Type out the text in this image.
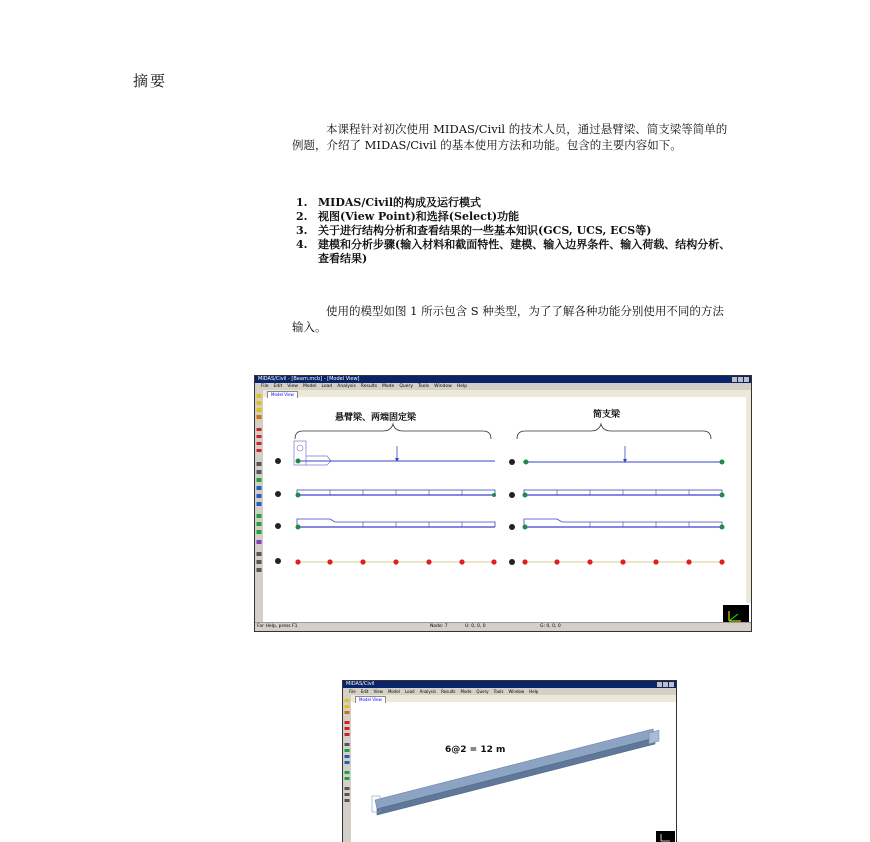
摘要
本课程针对初次使用 MIDAS/Civil 的技术人员，通过悬臂梁、简支梁等简单的例题，介绍了 MIDAS/Civil 的基本使用方法和功能。包含的主要内容如下。
1. MIDAS/Civil的构成及运行模式
2. 视图(View Point)和选择(Select)功能
3. 关于进行结构分析和查看结果的一些基本知识(GCS, UCS, ECS等)
4. 建模和分析步骤(输入材料和截面特性、建模、输入边界条件、输入荷载、结构分析、查看结果)
使用的模型如图 1 所示包含 S 种类型，为了了解各种功能分别使用不同的方法输入。
MIDAS/Civil - [Beam.mcb] - [Model View]
File Edit View Model Load Analysis Results Mode Query Tools Window Help
Model View
悬臂梁、两端固定梁	简支梁
For Help, press F1	Node: 7	U: 0, 0, 0	G: 0, 0, 0
MIDAS/Civil
File Edit View Model Load Analysis Results Mode Query Tools Window Help
Model View
6@2 = 12 m
